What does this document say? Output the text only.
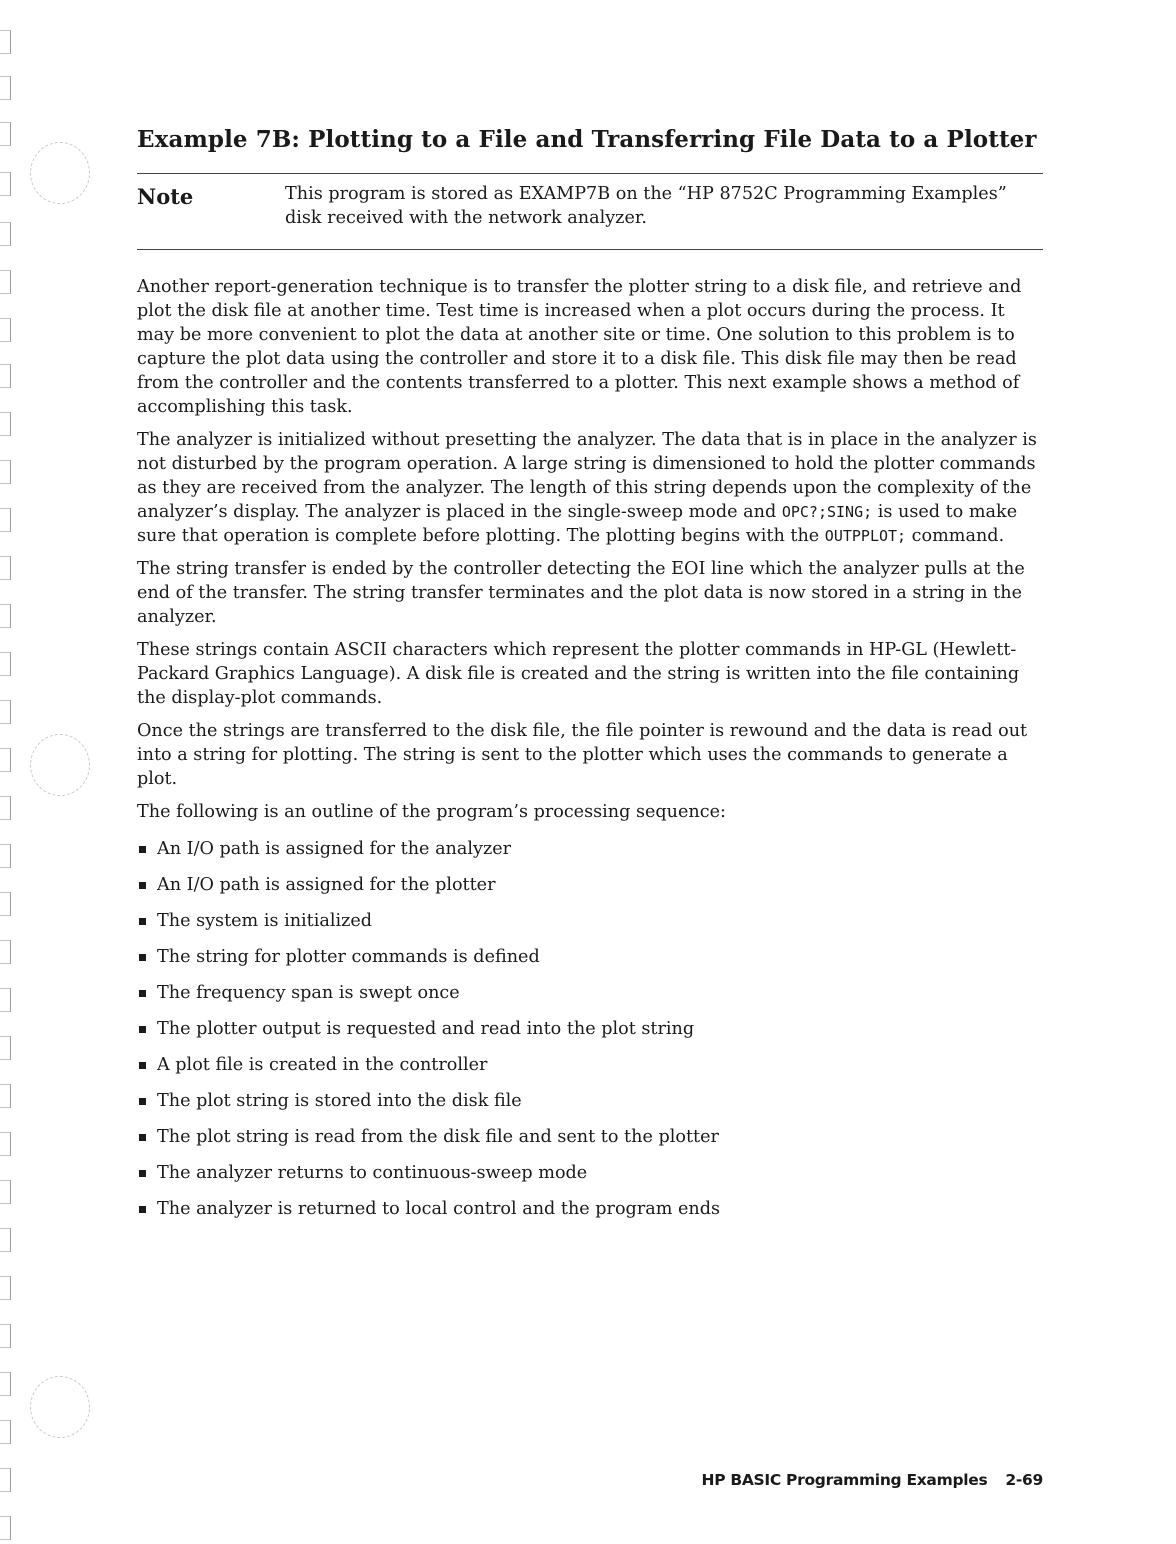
Example 7B: Plotting to a File and Transferring File Data to a Plotter
Note	This program is stored as EXAMP7B on the “HP 8752C Programming Examples” disk received with the network analyzer.

Another report-generation technique is to transfer the plotter string to a disk file, and retrieve and plot the disk file at another time. Test time is increased when a plot occurs during the process. It may be more convenient to plot the data at another site or time. One solution to this problem is to capture the plot data using the controller and store it to a disk file. This disk file may then be read from the controller and the contents transferred to a plotter. This next example shows a method of accomplishing this task.

The analyzer is initialized without presetting the analyzer. The data that is in place in the analyzer is not disturbed by the program operation. A large string is dimensioned to hold the plotter commands as they are received from the analyzer. The length of this string depends upon the complexity of the analyzer’s display. The analyzer is placed in the single-sweep mode and OPC?;SING; is used to make sure that operation is complete before plotting. The plotting begins with the OUTPPLOT; command.

The string transfer is ended by the controller detecting the EOI line which the analyzer pulls at the end of the transfer. The string transfer terminates and the plot data is now stored in a string in the analyzer.

These strings contain ASCII characters which represent the plotter commands in HP-GL (Hewlett-Packard Graphics Language). A disk file is created and the string is written into the file containing the display-plot commands.

Once the strings are transferred to the disk file, the file pointer is rewound and the data is read out into a string for plotting. The string is sent to the plotter which uses the commands to generate a plot.

The following is an outline of the program’s processing sequence:

An I/O path is assigned for the analyzer
An I/O path is assigned for the plotter
The system is initialized
The string for plotter commands is defined
The frequency span is swept once
The plotter output is requested and read into the plot string
A plot file is created in the controller
The plot string is stored into the disk file
The plot string is read from the disk file and sent to the plotter
The analyzer returns to continuous-sweep mode
The analyzer is returned to local control and the program ends
HP BASIC Programming Examples 2-69
